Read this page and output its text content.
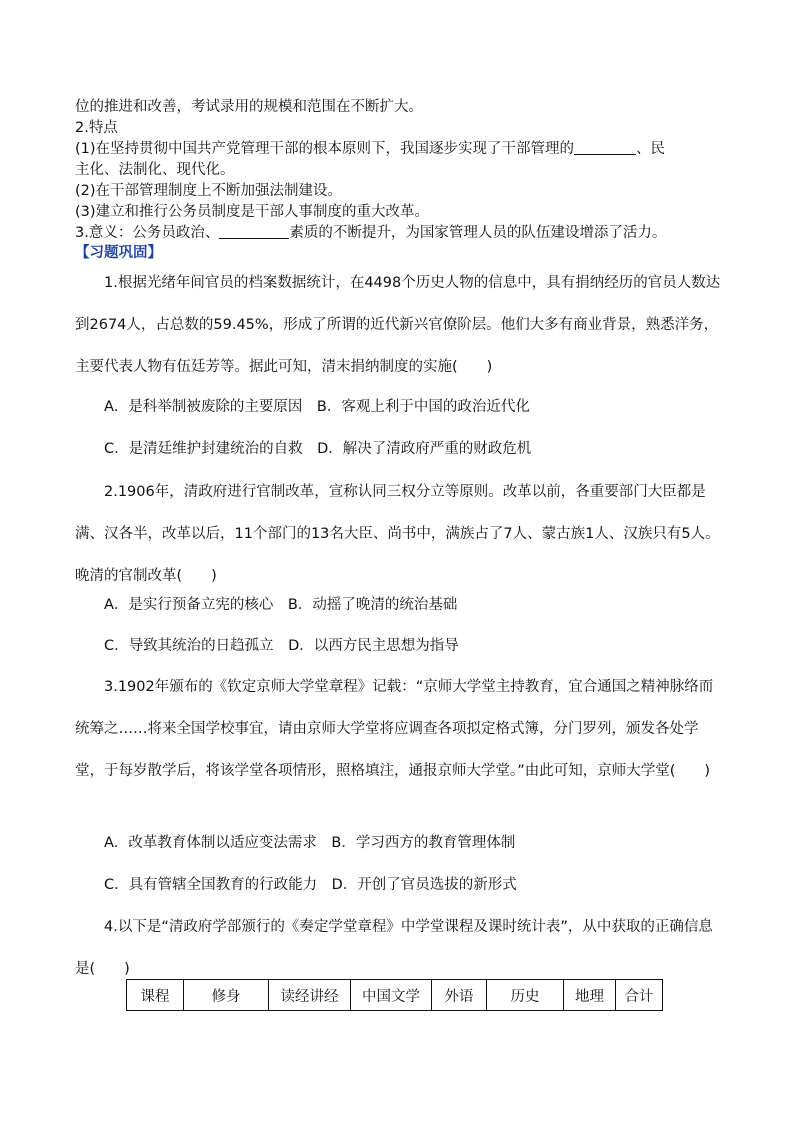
位的推进和改善，考试录用的规模和范围在不断扩大。
2.特点
(1)在坚持贯彻中国共产党管理干部的根本原则下，我国逐步实现了干部管理的	、民
主化、法制化、现代化。
(2)在干部管理制度上不断加强法制建设。
(3)建立和推行公务员制度是干部人事制度的重大改革。
3.意义：公务员政治、	素质的不断提升，为国家管理人员的队伍建设增添了活力。
【习题巩固】
1.根据光绪年间官员的档案数据统计，在4498个历史人物的信息中，具有捐纳经历的官员人数达到2674人，占总数的59.45%，形成了所谓的近代新兴官僚阶层。他们大多有商业背景，熟悉洋务，主要代表人物有伍廷芳等。据此可知，清末捐纳制度的实施(　　)
A．是科举制被废除的主要原因　B．客观上利于中国的政治近代化
C．是清廷维护封建统治的自救　D．解决了清政府严重的财政危机
2.1906年，清政府进行官制改革，宣称认同三权分立等原则。改革以前，各重要部门大臣都是满、汉各半，改革以后，11个部门的13名大臣、尚书中，满族占了7人、蒙古族1人、汉族只有5人。晚清的官制改革(　　)
A．是实行预备立宪的核心　B．动摇了晚清的统治基础
C．导致其统治的日趋孤立　D．以西方民主思想为指导
3.1902年颁布的《钦定京师大学堂章程》记载：“京师大学堂主持教育，宜合通国之精神脉络而统筹之……将来全国学校事宜，请由京师大学堂将应调查各项拟定格式簿，分门罗列，颁发各处学堂，于每岁散学后，将该学堂各项情形，照格填注，通报京师大学堂。”由此可知，京师大学堂(　　)
A．改革教育体制以适应变法需求　B．学习西方的教育管理体制
C．具有管辖全国教育的行政能力　D．开创了官员选拔的新形式
4.以下是“清政府学部颁行的《奏定学堂章程》中学堂课程及课时统计表”，从中获取的正确信息是(　　)
课程	修身	读经讲经	中国文学	外语	历史	地理	合计
